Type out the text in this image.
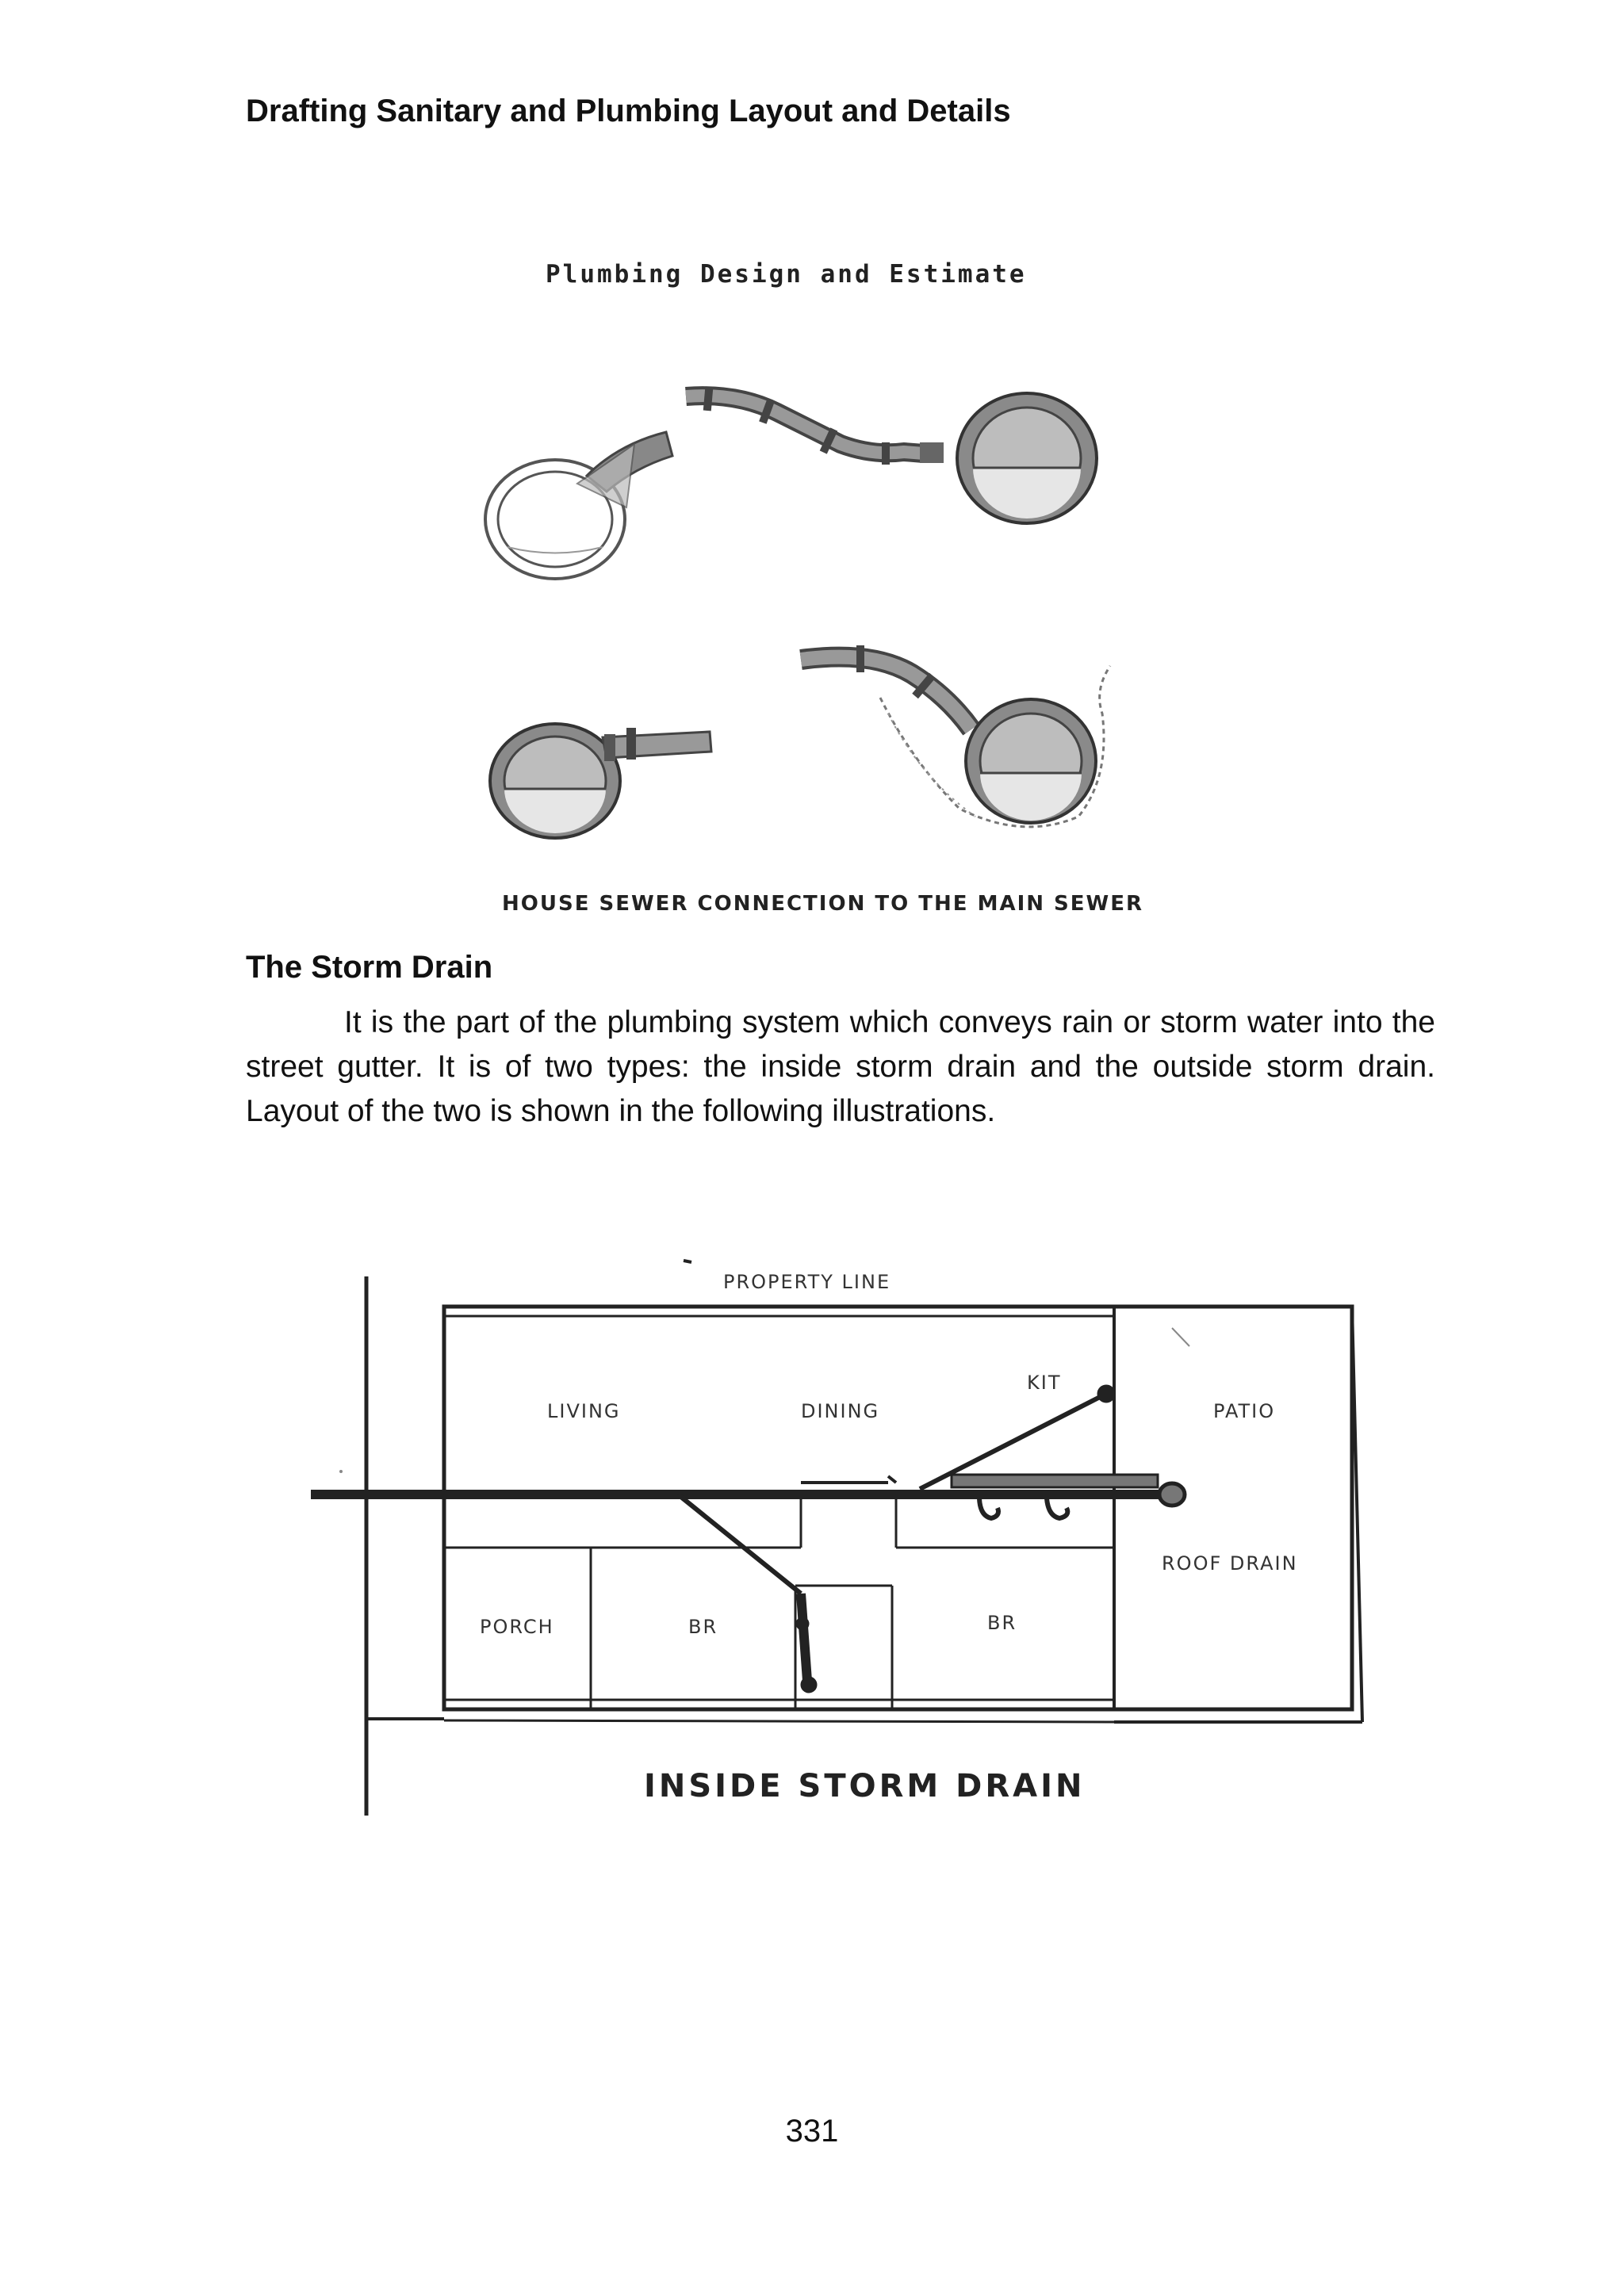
Drafting Sanitary and Plumbing Layout and Details
Plumbing Design and Estimate
PROPERTY LINE
LIVING	DINING
KIT
PATIO
ROOF DRAIN
PORCH	BR	BR
HOUSE SEWER CONNECTION TO THE MAIN SEWER
The Storm Drain
It is the part of the plumbing system which conveys rain or storm water into the street gutter. It is of two types: the inside storm drain and the outside storm drain. Layout of the two is shown in the following illustrations.
INSIDE STORM DRAIN
331
